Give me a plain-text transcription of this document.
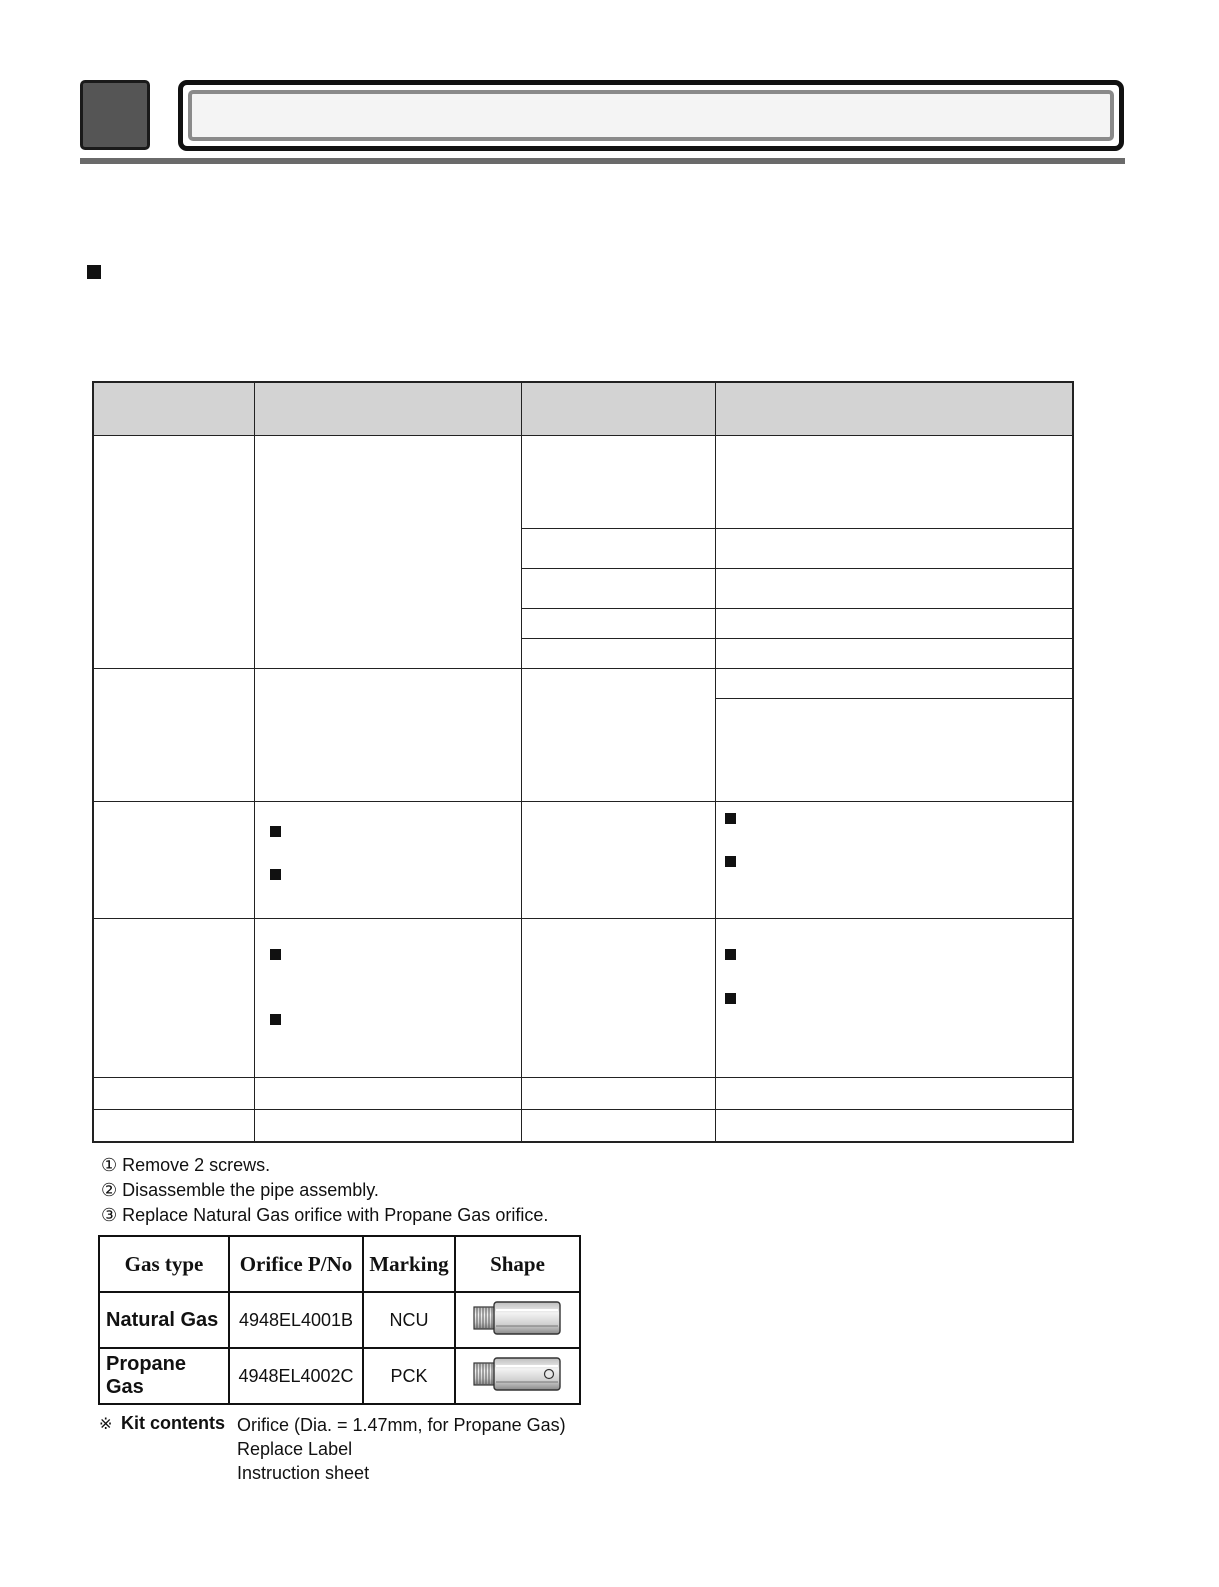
① Remove 2 screws.
② Disassemble the pipe assembly.
③ Replace Natural Gas orifice with Propane Gas orifice.
Gas type	Orifice P/No	Marking	Shape
Natural Gas	4948EL4001B	NCU	
Propane Gas	4948EL4002C	PCK	
※ Kit contents Orifice (Dia. = 1.47mm, for Propane Gas)
Replace Label
Instruction sheet
